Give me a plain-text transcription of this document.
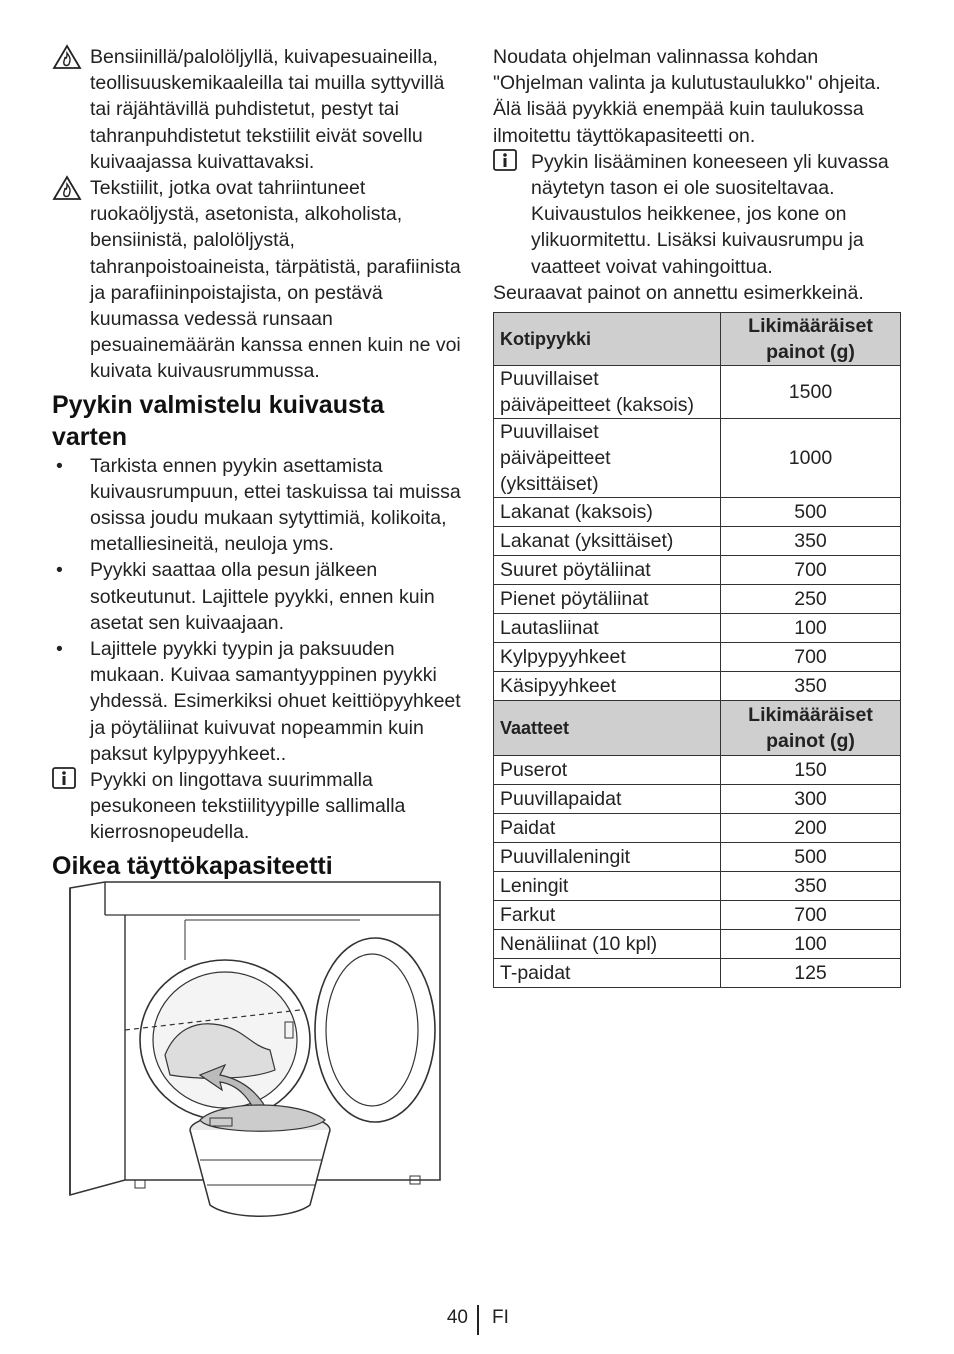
Bensiinillä/palolöljyllä, kuivapesuaineilla, teollisuuskemikaaleilla tai muilla syttyvillä tai räjähtävillä puhdistetut, pestyt tai tahranpuhdistetut tekstiilit eivät sovellu kuivaajassa kuivattavaksi.
Tekstiilit, jotka ovat tahriintuneet ruokaöljystä, asetonista, alkoholista, bensiinistä, palolöljystä, tahranpoistoaineista, tärpätistä, parafiinista ja parafiininpoistajista, on pestävä kuumassa vedessä runsaan pesuainemäärän kanssa ennen kuin ne voi kuivata kuivausrummussa.
Pyykin valmistelu kuivausta varten
•	Tarkista ennen pyykin asettamista kuivausrumpuun, ettei taskuissa tai muissa osissa joudu mukaan sytyttimiä, kolikoita, metalliesineitä, neuloja yms.
•	Pyykki saattaa olla pesun jälkeen sotkeutunut. Lajittele pyykki, ennen kuin asetat sen kuivaajaan.
•	Lajittele pyykki tyypin ja paksuuden mukaan. Kuivaa samantyyppinen pyykki yhdessä. Esimerkiksi ohuet keittiöpyyhkeet ja pöytäliinat kuivuvat nopeammin kuin paksut kylpypyyhkeet..
Pyykki on lingottava suurimmalla pesukoneen tekstiilityypille sallimalla kierrosnopeudella.
Oikea täyttökapasiteetti

Noudata ohjelman valinnassa kohdan "Ohjelman valinta ja kulutustaulukko" ohjeita. Älä lisää pyykkiä enempää kuin taulukossa ilmoitettu täyttökapasiteetti on.

Pyykin lisääminen koneeseen yli kuvassa näytetyn tason ei ole suositeltavaa. Kuivaustulos heikkenee, jos kone on ylikuormitettu. Lisäksi kuivausrumpu ja vaatteet voivat vahingoittua.

Seuraavat painot on annettu esimerkkeinä.

Kotipyykki	Likimääräiset painot (g)
Puuvillaiset päiväpeitteet (kaksois)	1500
Puuvillaiset päiväpeitteet (yksittäiset)	1000
Lakanat (kaksois)	500
Lakanat (yksittäiset)	350
Suuret pöytäliinat	700
Pienet pöytäliinat	250
Lautasliinat	100
Kylpypyyhkeet	700
Käsipyyhkeet	350
Vaatteet	Likimääräiset painot (g)
Puserot	150
Puuvillapaidat	300
Paidat	200
Puuvillaleningit	500
Leningit	350
Farkut	700
Nenäliinat (10 kpl)	100
T-paidat	125
40 FI
